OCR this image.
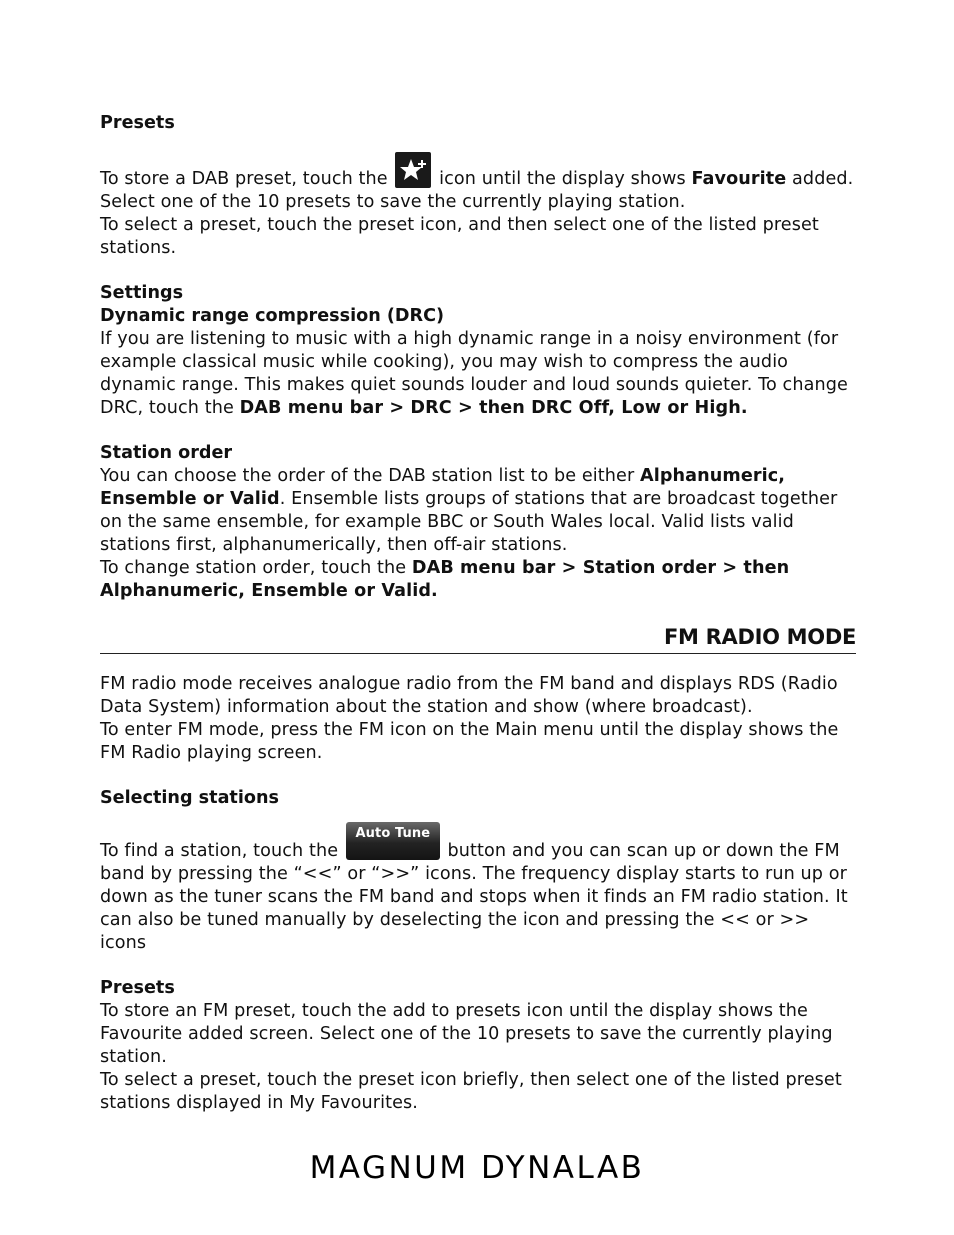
Presets
To store a DAB preset, touch the	icon until the display shows Favourite added.
Select one of the 10 presets to save the currently playing station.
To select a preset, touch the preset icon, and then select one of the listed preset stations.
Settings
Dynamic range compression (DRC)
If you are listening to music with a high dynamic range in a noisy environment (for example classical music while cooking), you may wish to compress the audio dynamic range. This makes quiet sounds louder and loud sounds quieter. To change DRC, touch the DAB menu bar > DRC > then DRC Off, Low or High.
Station order
You can choose the order of the DAB station list to be either Alphanumeric, Ensemble or Valid. Ensemble lists groups of stations that are broadcast together on the same ensemble, for example BBC or South Wales local. Valid lists valid stations first, alphanumerically, then off-air stations.
To change station order, touch the DAB menu bar > Station order > then Alphanumeric, Ensemble or Valid.
FM RADIO MODE
FM radio mode receives analogue radio from the FM band and displays RDS (Radio Data System) information about the station and show (where broadcast).
To enter FM mode, press the FM icon on the Main menu until the display shows the FM Radio playing screen.
Selecting stations
To find a station, touch the
Auto Tune
button and you can scan up or down the FM band by pressing the “<<” or “>>” icons. The frequency display starts to run up or down as the tuner scans the FM band and stops when it finds an FM radio station. It can also be tuned manually by deselecting the icon and pressing the << or >> icons
Presets
To store an FM preset, touch the add to presets icon until the display shows the Favourite added screen. Select one of the 10 presets to save the currently playing station.
To select a preset, touch the preset icon briefly, then select one of the listed preset stations displayed in My Favourites.
MAGNUM DYNALAB
